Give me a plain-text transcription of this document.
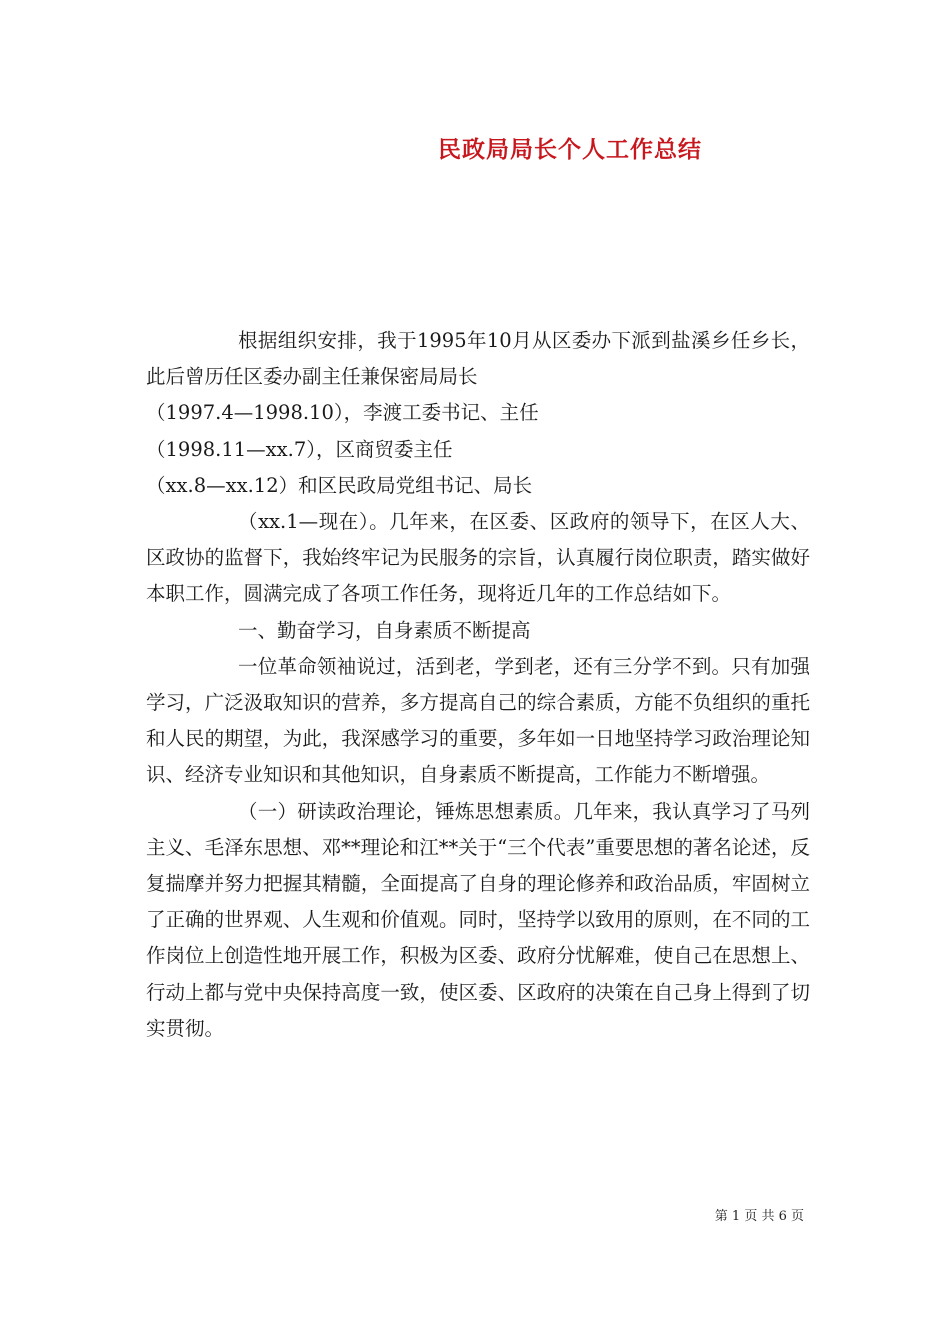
民政局局长个人工作总结

根据组织安排，我于1995年10月从区委办下派到盐溪乡任乡长，此后曾历任区委办副主任兼保密局局长

（1997.4—1998.10），李渡工委书记、主任

（1998.11—xx.7），区商贸委主任

（xx.8—xx.12）和区民政局党组书记、局长

（xx.1—现在）。几年来，在区委、区政府的领导下，在区人大、区政协的监督下，我始终牢记为民服务的宗旨，认真履行岗位职责，踏实做好本职工作，圆满完成了各项工作任务，现将近几年的工作总结如下。

一、勤奋学习，自身素质不断提高

一位革命领袖说过，活到老，学到老，还有三分学不到。只有加强学习，广泛汲取知识的营养，多方提高自己的综合素质，方能不负组织的重托和人民的期望，为此，我深感学习的重要，多年如一日地坚持学习政治理论知识、经济专业知识和其他知识，自身素质不断提高，工作能力不断增强。

（一）研读政治理论，锤炼思想素质。几年来，我认真学习了马列主义、毛泽东思想、邓**理论和江**关于“三个代表”重要思想的著名论述，反复揣摩并努力把握其精髓，全面提高了自身的理论修养和政治品质，牢固树立了正确的世界观、人生观和价值观。同时，坚持学以致用的原则，在不同的工作岗位上创造性地开展工作，积极为区委、政府分忧解难，使自己在思想上、行动上都与党中央保持高度一致，使区委、区政府的决策在自己身上得到了切实贯彻。

第 1 页 共 6 页
